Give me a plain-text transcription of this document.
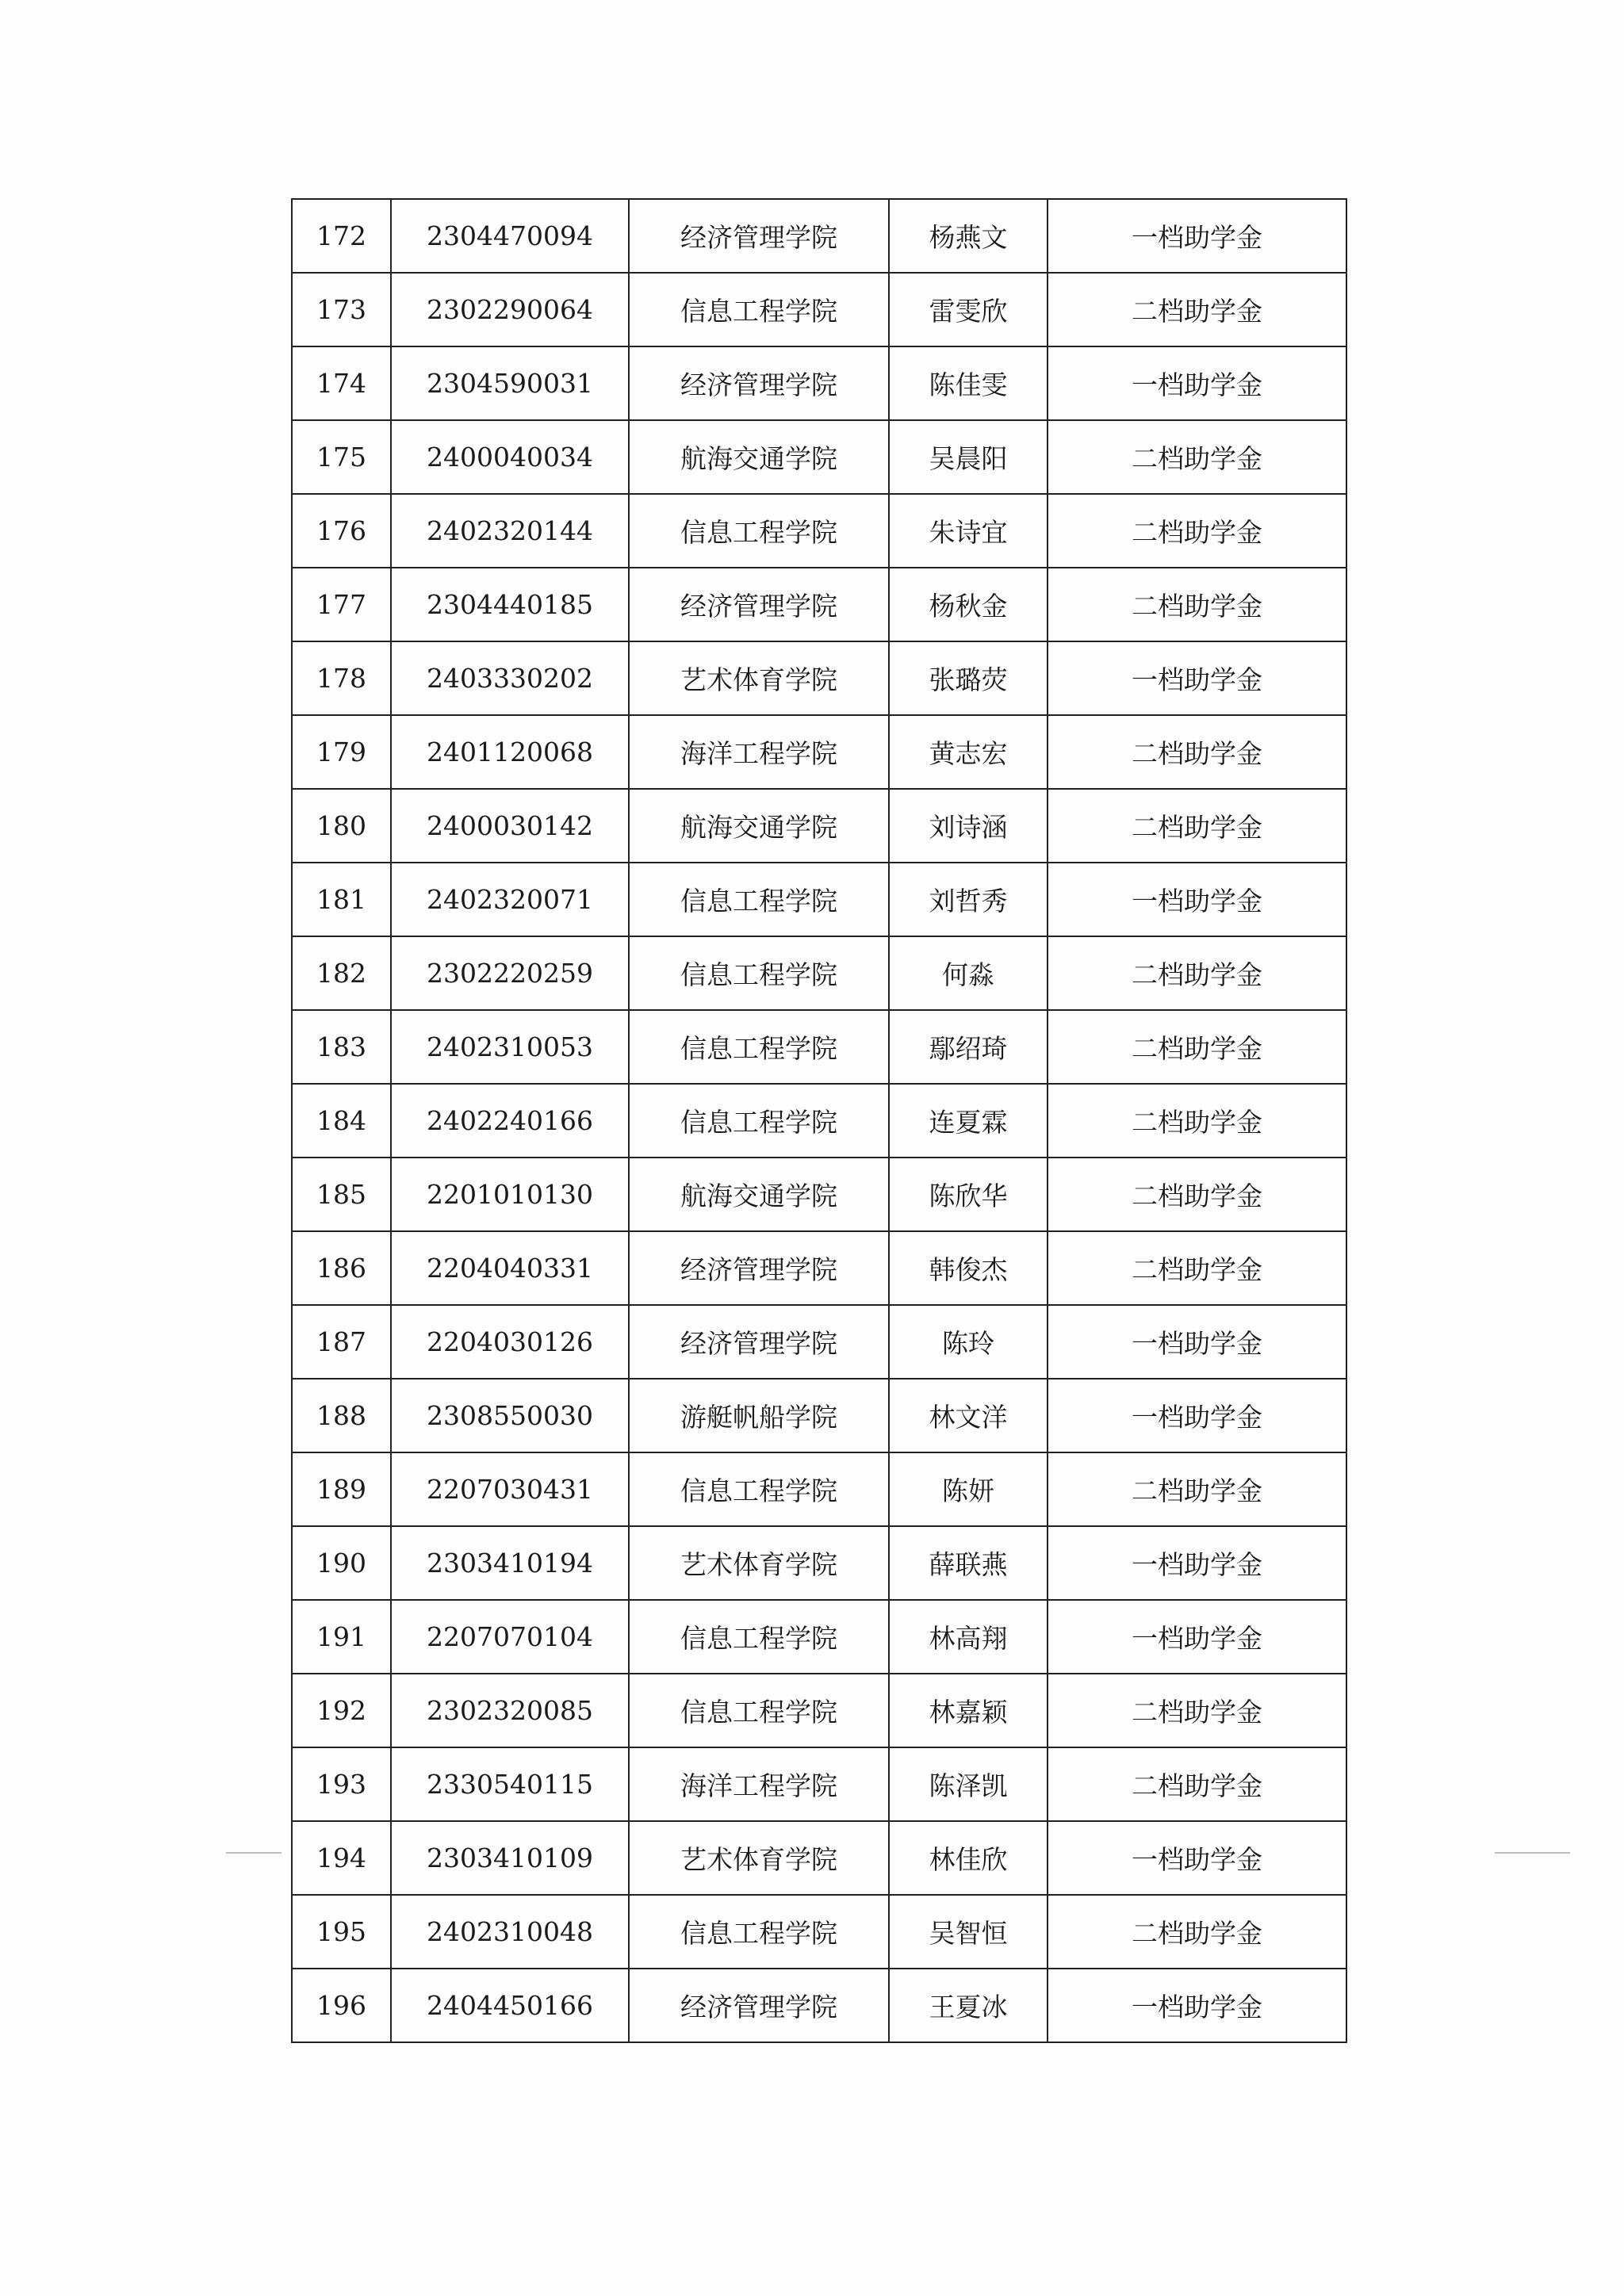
172	2304470094	经济管理学院	杨燕文	一档助学金
173	2302290064	信息工程学院	雷雯欣	二档助学金
174	2304590031	经济管理学院	陈佳雯	一档助学金
175	2400040034	航海交通学院	吴晨阳	二档助学金
176	2402320144	信息工程学院	朱诗宜	二档助学金
177	2304440185	经济管理学院	杨秋金	二档助学金
178	2403330202	艺术体育学院	张璐荧	一档助学金
179	2401120068	海洋工程学院	黄志宏	二档助学金
180	2400030142	航海交通学院	刘诗涵	二档助学金
181	2402320071	信息工程学院	刘哲秀	一档助学金
182	2302220259	信息工程学院	何淼	二档助学金
183	2402310053	信息工程学院	鄢绍琦	二档助学金
184	2402240166	信息工程学院	连夏霖	二档助学金
185	2201010130	航海交通学院	陈欣华	二档助学金
186	2204040331	经济管理学院	韩俊杰	二档助学金
187	2204030126	经济管理学院	陈玲	一档助学金
188	2308550030	游艇帆船学院	林文洋	一档助学金
189	2207030431	信息工程学院	陈妍	二档助学金
190	2303410194	艺术体育学院	薛联燕	一档助学金
191	2207070104	信息工程学院	林高翔	一档助学金
192	2302320085	信息工程学院	林嘉颖	二档助学金
193	2330540115	海洋工程学院	陈泽凯	二档助学金
194	2303410109	艺术体育学院	林佳欣	一档助学金
195	2402310048	信息工程学院	吴智恒	二档助学金
196	2404450166	经济管理学院	王夏冰	一档助学金
